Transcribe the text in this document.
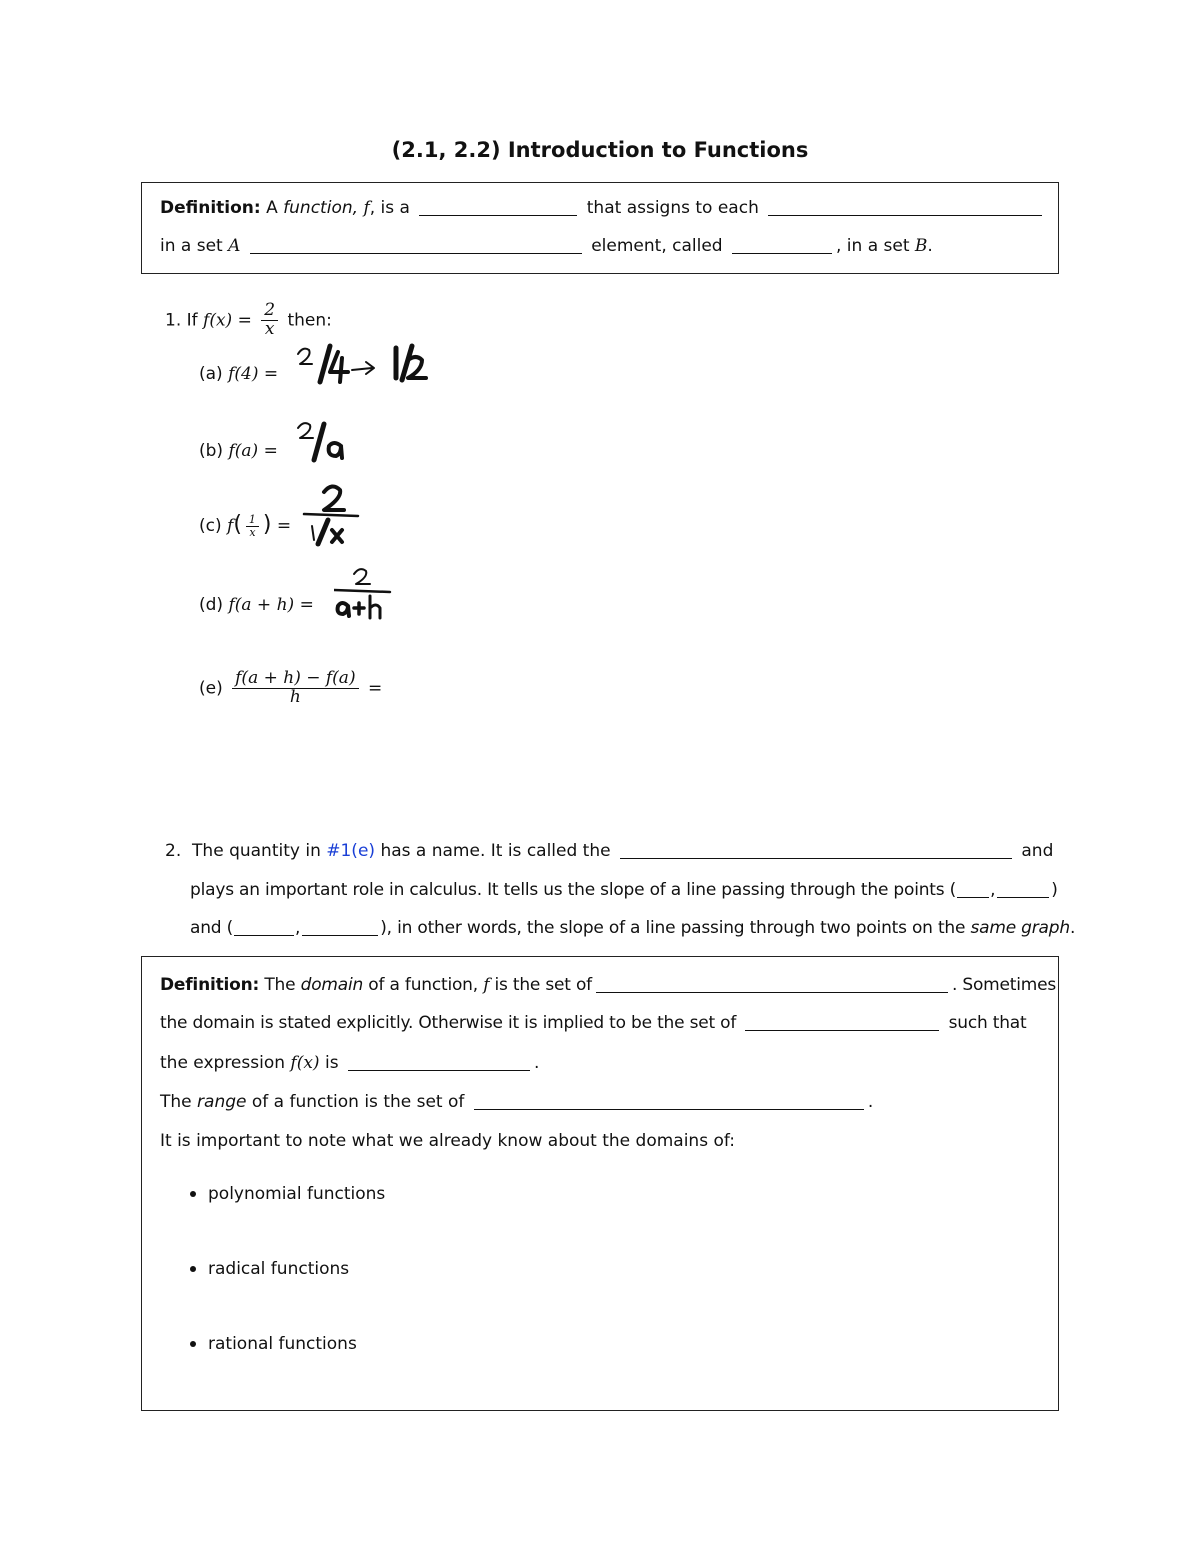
(2.1, 2.2) Introduction to Functions
Definition: A function, f, is a	that assigns to each
in a set A	element, called	, in a set B.
1. If $f(x) = \frac{2}{x}$ then:
(a) f(4) =
(b) f(a) =
(c) $f( \frac{1}{x}$ ) =
(d) f(a + h) =
$(e) \frac{f(a + h) - f(a)}{h}$ =
2. The quantity in #1(e) has a name. It is called the	and
plays an important role in calculus. It tells us the slope of a line passing through the points ( ,	)
and (	,	), in other words, the slope of a line passing through two points on the same graph.
Definition: The domain of a function, f is the set of	. Sometimes
the domain is stated explicitly. Otherwise it is implied to be the set of	such that
the expression f(x) is	.
The range of a function is the set of	.
It is important to note what we already know about the domains of:
polynomial functions
radical functions
rational functions
